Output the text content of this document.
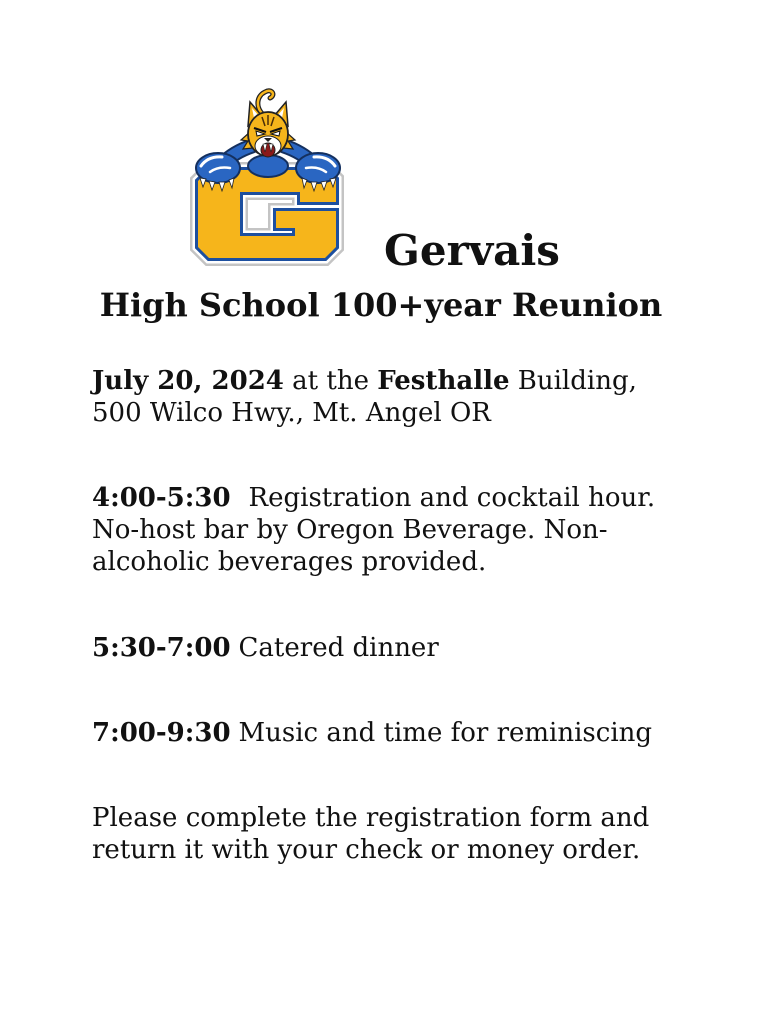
Gervais
High School 100+year Reunion
July 20, 2024 at the Festhalle Building,
500 Wilco Hwy., Mt. Angel OR
4:00-5:30 Registration and cocktail hour.
No-host bar by Oregon Beverage. Non-
alcoholic beverages provided.
5:30-7:00 Catered dinner
7:00-9:30 Music and time for reminiscing
Please complete the registration form and
return it with your check or money order.
